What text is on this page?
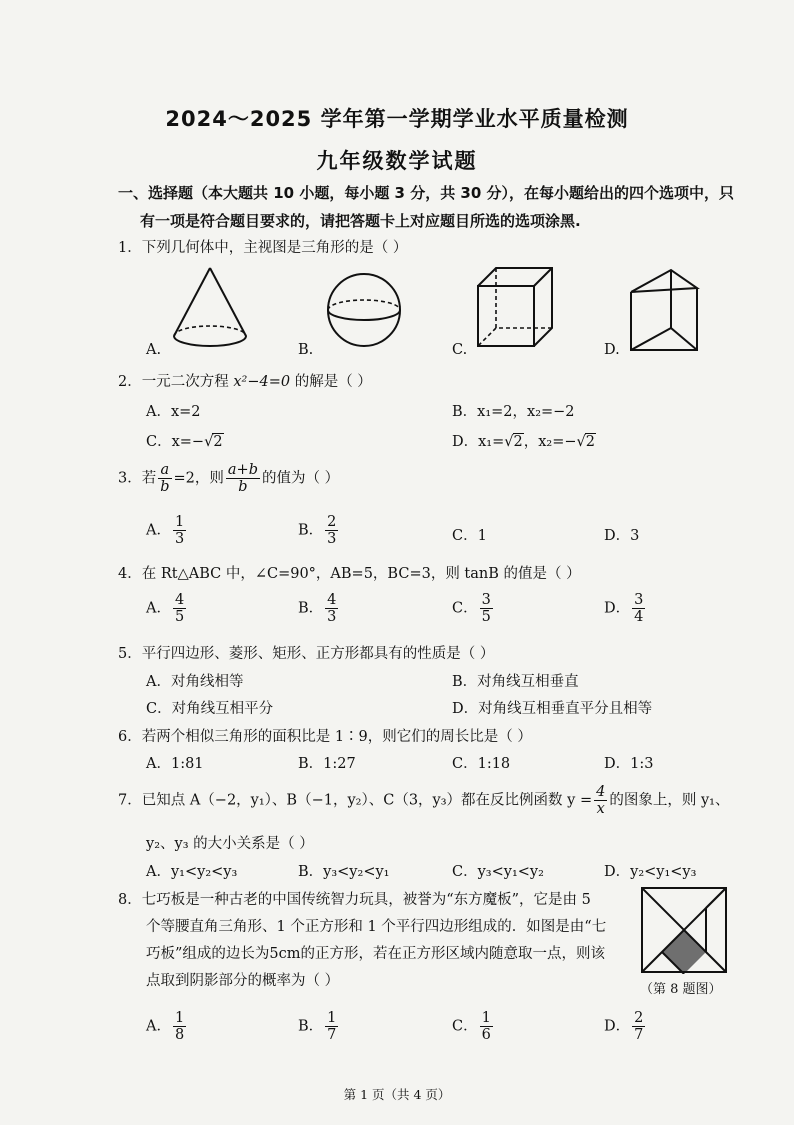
2024～2025 学年第一学期学业水平质量检测
九年级数学试题
一、选择题（本大题共 10 小题，每小题 3 分，共 30 分），在每小题给出的四个选项中，只
有一项是符合题目要求的，请把答题卡上对应题目所选的选项涂黑.
1．下列几何体中，主视图是三角形的是（ ）
A.	B.	C.	D.
2．一元二次方程 x²−4=0 的解是（ ）
A．x=2	B．x₁=2，x₂=−2
C．x=−√2	D．x₁=√2，x₂=−√2
3．若 $\frac{a}{b} =2$，则 $\frac{a+b}{b}$ 的值为（ ）
A． $\frac{1}{3}$	B． $\frac{2}{3}$	C．1	D．3
4．在 Rt△ABC 中，∠C=90°，AB=5，BC=3，则 tanB 的值是（ ）
A． $\frac{4}{5}$	B． $\frac{4}{3}$	C． $\frac{3}{5}$	D． $\frac{3}{4}$
5．平行四边形、菱形、矩形、正方形都具有的性质是（ ）
A．对角线相等	B．对角线互相垂直
C．对角线互相平分	D．对角线互相垂直平分且相等
6．若两个相似三角形的面积比是 1∶9，则它们的周长比是（ ）
A．1:81	B．1:27	C．1:18	D．1:3
7．已知点 A（−2，y₁）、B（−1，y₂）、C（3，y₃）都在反比例函数 $y = \frac{4}{x}$ 的图象上，则 y₁、
y₂、y₃ 的大小关系是（ ）
A．y₁<y₂<y₃	B．y₃<y₂<y₁	C．y₃<y₁<y₂	D．y₂<y₁<y₃
8．七巧板是一种古老的中国传统智力玩具，被誉为“东方魔板”，它是由 5
个等腰直角三角形、1 个正方形和 1 个平行四边形组成的．如图是由“七
巧板”组成的边长为5cm的正方形，若在正方形区域内随意取一点，则该
点取到阴影部分的概率为（ ）
（第 8 题图）
A． $\frac{1}{8}$	B． $\frac{1}{7}$	C． $\frac{1}{6}$	D． $\frac{2}{7}$
第 1 页（共 4 页）
